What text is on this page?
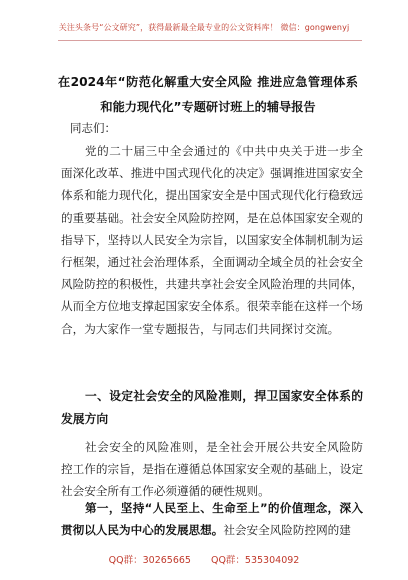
关注头条号“公文研究”，获得最新最全最专业的公文资料库！ 微信：gongwenyj
在2024年“防范化解重大安全风险 推进应急管理体系和能力现代化”专题研讨班上的辅导报告
同志们：
党的二十届三中全会通过的《中共中央关于进一步全面深化改革、推进中国式现代化的决定》强调推进国家安全体系和能力现代化，提出国家安全是中国式现代化行稳致远的重要基础。社会安全风险防控网，是在总体国家安全观的指导下，坚持以人民安全为宗旨，以国家安全体制机制为运行框架，通过社会治理体系，全面调动全域全员的社会安全风险防控的积极性，共建共享社会安全风险治理的共同体，从而全方位地支撑起国家安全体系。很荣幸能在这样一个场合，为大家作一堂专题报告，与同志们共同探讨交流。
一、设定社会安全的风险准则，捍卫国家安全体系的发展方向
社会安全的风险准则，是全社会开展公共安全风险防控工作的宗旨，是指在遵循总体国家安全观的基础上，设定社会安全所有工作必须遵循的硬性规则。
第一，坚持“人民至上、生命至上”的价值理念，深入贯彻以人民为中心的发展思想。社会安全风险防控网的建
QQ群：30265665 QQ群：535304092
